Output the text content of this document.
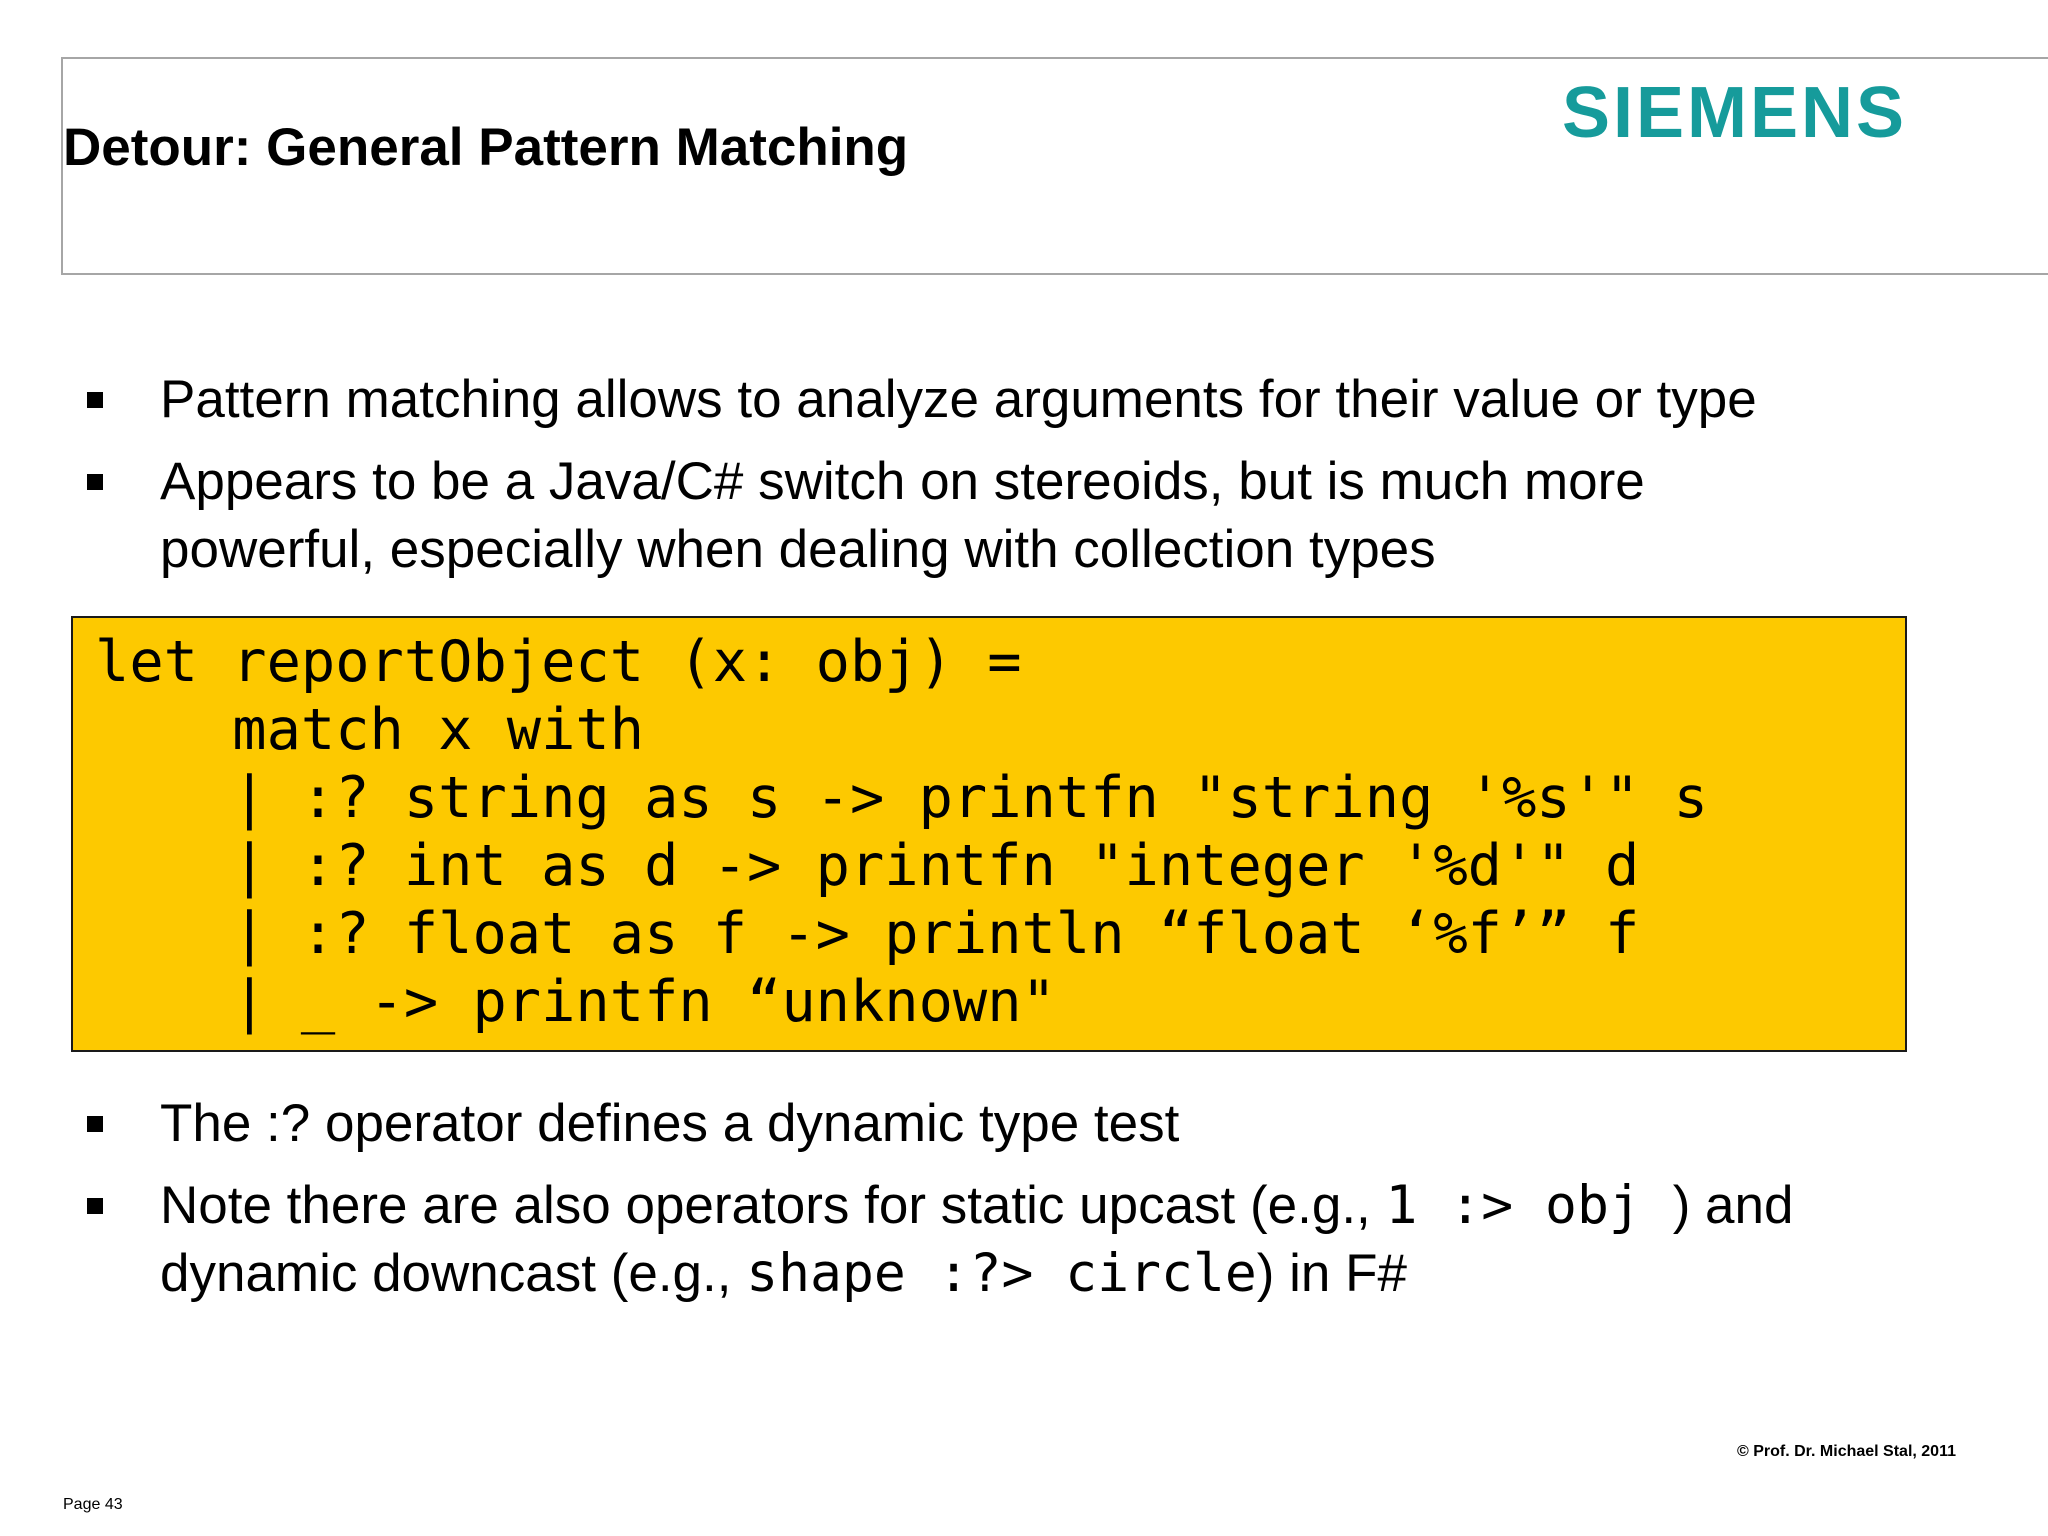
Detour: General Pattern Matching	SIEMENS
Pattern matching allows to analyze arguments for their value or type
Appears to be a Java/C# switch on stereoids, but is much more
powerful, especially when dealing with collection types
let reportObject (x: obj) =
match x with
| :? string as s -> printfn "string '%s'" s
| :? int as d -> printfn "integer '%d'" d
| :? float as f -> println “float ‘%f’” f
| _ -> printfn “unknown"
The :? operator defines a dynamic type test
Note there are also operators for static upcast (e.g., 1 :> obj ) and
dynamic downcast (e.g., shape :?> circle) in F#
© Prof. Dr. Michael Stal, 2011
Page 43
